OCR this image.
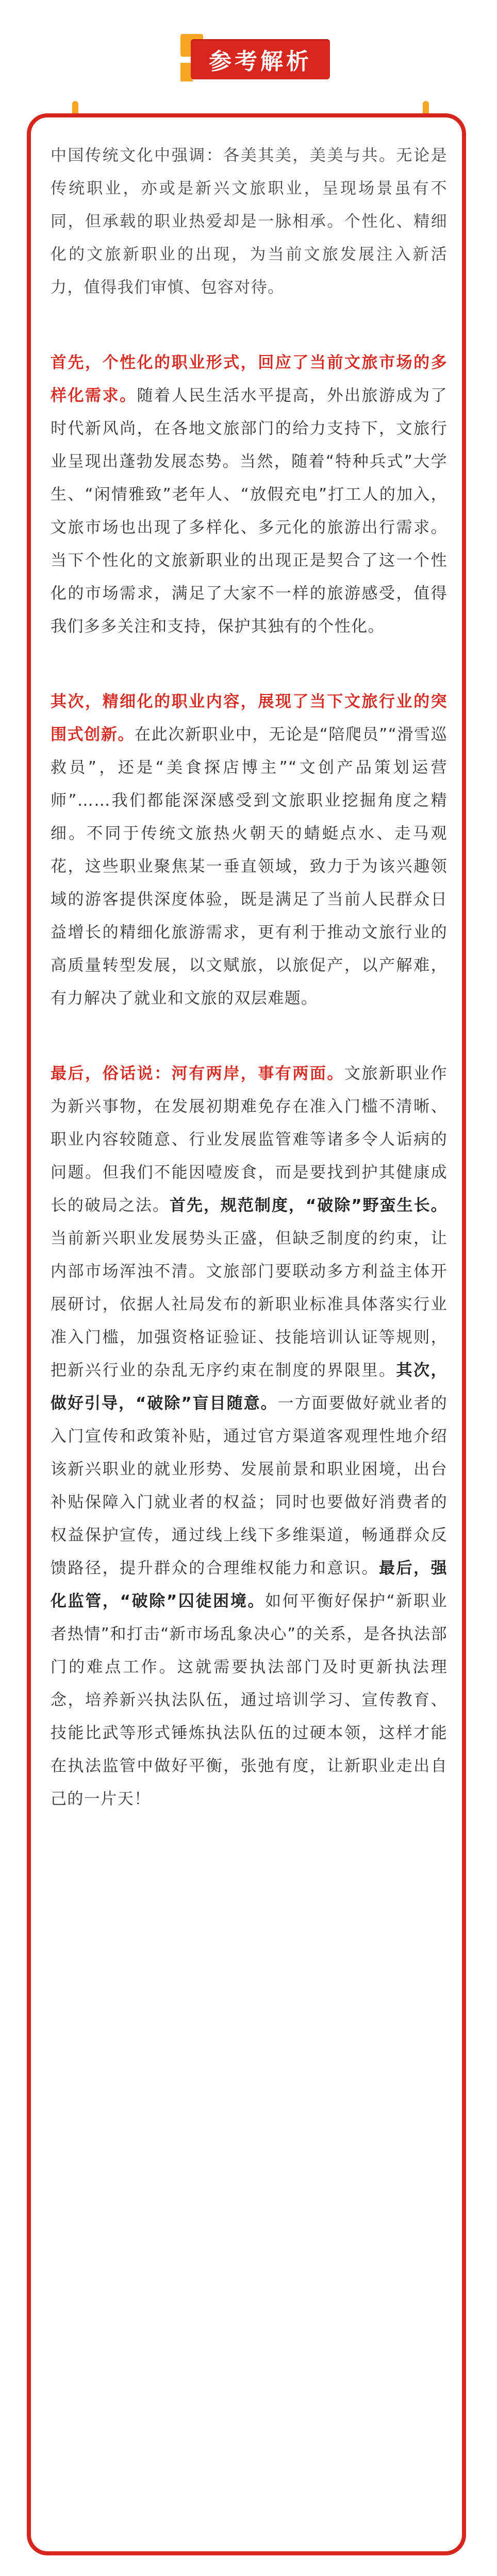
参考解析

中国传统文化中强调：各美其美，美美与共。无论是传统职业，亦或是新兴文旅职业，呈现场景虽有不同，但承载的职业热爱却是一脉相承。个性化、精细化的文旅新职业的出现，为当前文旅发展注入新活力，值得我们审慎、包容对待。

首先，个性化的职业形式，回应了当前文旅市场的多样化需求。随着人民生活水平提高，外出旅游成为了时代新风尚，在各地文旅部门的给力支持下，文旅行业呈现出蓬勃发展态势。当然，随着“特种兵式”大学生、“闲情雅致”老年人、“放假充电”打工人的加入，文旅市场也出现了多样化、多元化的旅游出行需求。当下个性化的文旅新职业的出现正是契合了这一个性化的市场需求，满足了大家不一样的旅游感受，值得我们多多关注和支持，保护其独有的个性化。

其次，精细化的职业内容，展现了当下文旅行业的突围式创新。在此次新职业中，无论是“陪爬员”“滑雪巡救员”，还是“美食探店博主”“文创产品策划运营师”……我们都能深深感受到文旅职业挖掘角度之精细。不同于传统文旅热火朝天的蜻蜓点水、走马观花，这些职业聚焦某一垂直领域，致力于为该兴趣领域的游客提供深度体验，既是满足了当前人民群众日益增长的精细化旅游需求，更有利于推动文旅行业的高质量转型发展，以文赋旅，以旅促产，以产解难，有力解决了就业和文旅的双层难题。

最后，俗话说：河有两岸，事有两面。文旅新职业作为新兴事物，在发展初期难免存在准入门槛不清晰、职业内容较随意、行业发展监管难等诸多令人诟病的问题。但我们不能因噎废食，而是要找到护其健康成长的破局之法。首先，规范制度，“破除”野蛮生长。当前新兴职业发展势头正盛，但缺乏制度的约束，让内部市场浑浊不清。文旅部门要联动多方利益主体开展研讨，依据人社局发布的新职业标准具体落实行业准入门槛，加强资格证验证、技能培训认证等规则，把新兴行业的杂乱无序约束在制度的界限里。其次，做好引导，“破除”盲目随意。一方面要做好就业者的入门宣传和政策补贴，通过官方渠道客观理性地介绍该新兴职业的就业形势、发展前景和职业困境，出台补贴保障入门就业者的权益；同时也要做好消费者的权益保护宣传，通过线上线下多维渠道，畅通群众反馈路径，提升群众的合理维权能力和意识。最后，强化监管，“破除”囚徒困境。如何平衡好保护“新职业者热情”和打击“新市场乱象决心”的关系，是各执法部门的难点工作。这就需要执法部门及时更新执法理念，培养新兴执法队伍，通过培训学习、宣传教育、技能比武等形式锤炼执法队伍的过硬本领，这样才能在执法监管中做好平衡，张弛有度，让新职业走出自己的一片天！
